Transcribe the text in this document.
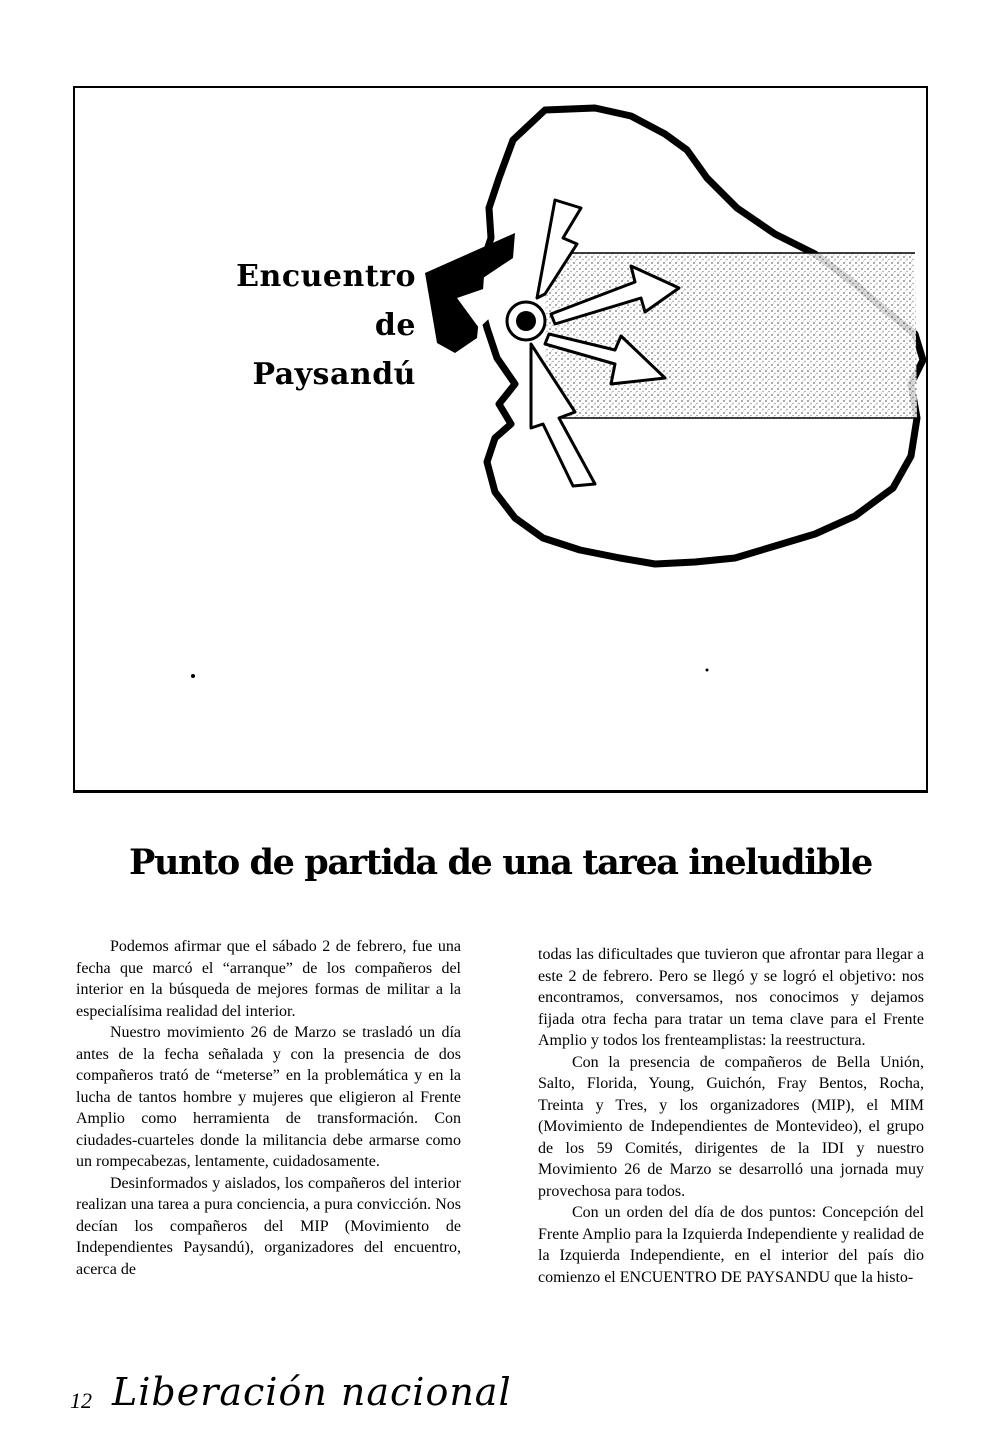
Encuentro
de
Paysandú
Punto de partida de una tarea ineludible

Podemos afirmar que el sábado 2 de febrero, fue una fecha que marcó el “arranque” de los compañeros del interior en la búsqueda de mejores formas de militar a la especialísima realidad del interior.

Nuestro movimiento 26 de Marzo se trasladó un día antes de la fecha señalada y con la presencia de dos compañeros trató de “meterse” en la problemática y en la lucha de tantos hombre y mujeres que eligieron al Frente Amplio como herramienta de transformación. Con ciudades-cuarteles donde la militancia debe armarse como un rompecabezas, lentamente, cuidadosamente.

Desinformados y aislados, los compañeros del interior realizan una tarea a pura conciencia, a pura convicción. Nos decían los compañeros del MIP (Movimiento de Independientes Paysandú), organizadores del encuentro, acerca de

todas las dificultades que tuvieron que afrontar para llegar a este 2 de febrero. Pero se llegó y se logró el objetivo: nos encontramos, conversamos, nos conocimos y dejamos fijada otra fecha para tratar un tema clave para el Frente Amplio y todos los frenteamplistas: la reestructura.

Con la presencia de compañeros de Bella Unión, Salto, Florida, Young, Guichón, Fray Bentos, Rocha, Treinta y Tres, y los organizadores (MIP), el MIM (Movimiento de Independientes de Montevideo), el grupo de los 59 Comités, dirigentes de la IDI y nuestro Movimiento 26 de Marzo se desarrolló una jornada muy provechosa para todos.

Con un orden del día de dos puntos: Concepción del Frente Amplio para la Izquierda Independiente y realidad de la Izquierda Independiente, en el interior del país dio comienzo el ENCUENTRO DE PAYSANDU que la histo-

12 Liberación nacional
